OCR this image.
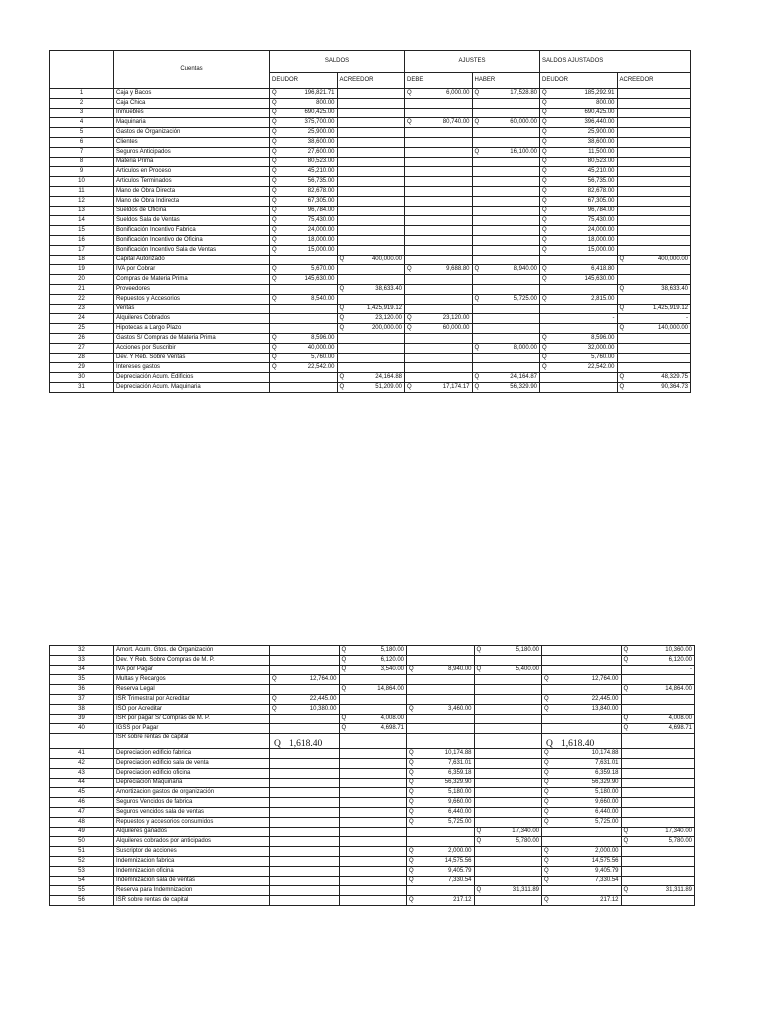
	Cuentas	SALDOS				AJUSTES				SALDOS AJUSTADOS			
		DEUDOR		ACREEDOR		DEBE		HABER		DEUDOR		ACREEDOR	
1	Caja y Bacos	Q	196,821.71			Q	6,000.00	Q	17,528.80	Q	185,292.91		
2	Caja Chica	Q	800.00							Q	800.00		
3	Inmuebles	Q	690,425.00							Q	690,425.00		
4	Maquinaria	Q	375,700.00			Q	80,740.00	Q	60,000.00	Q	396,440.00		
5	Gastos de Organización	Q	25,900.00							Q	25,900.00		
6	Clientes	Q	38,600.00							Q	38,600.00		
7	Seguros Anticipados	Q	27,600.00					Q	16,100.00	Q	11,500.00		
8	Materia Prima	Q	80,523.00							Q	80,523.00		
9	Articulos en Proceso	Q	45,210.00							Q	45,210.00		
10	Articulos Terminados	Q	56,735.00							Q	56,735.00		
11	Mano de Obra Directa	Q	82,678.00							Q	82,678.00		
12	Mano de Obra Indirecta	Q	67,305.00							Q	67,305.00		
13	Sueldos de Oficina	Q	96,784.00							Q	96,784.00		
14	Sueldos Sala de Ventas	Q	75,430.00							Q	75,430.00		
15	Bonificación Incentivo Fabrica	Q	24,000.00							Q	24,000.00		
16	Bonificación Incentivo de Oficina	Q	18,000.00							Q	18,000.00		
17	Bonificación Incentivo Sala de Ventas	Q	15,000.00							Q	15,000.00		
18	Capital Autorizado			Q	400,000.00							Q	400,000.00
19	IVA por Cobrar	Q	5,670.00			Q	9,688.80	Q	8,940.00	Q	6,418.80		
20	Compras de Materia Prima	Q	145,630.00							Q	145,630.00		
21	Proveedores			Q	38,633.40							Q	38,633.40
22	Repuestos y Accesorios	Q	8,540.00					Q	5,725.00	Q	2,815.00		
23	Ventas			Q	1,425,919.12							Q	1,425,919.12
24	Alquileres Cobrados			Q	23,120.00	Q	23,120.00				-		-
25	Hipotecas a Largo Plazo			Q	200,000.00	Q	60,000.00					Q	140,000.00
26	Gastos S/ Compras de Materia Prima	Q	8,596.00							Q	8,596.00		
27	Acciones por Suscribir	Q	40,000.00					Q	8,000.00	Q	32,000.00		
28	Dev. Y Reb. Sobre Ventas	Q	5,760.00							Q	5,760.00		
29	Intereses gastos	Q	22,542.00							Q	22,542.00		
30	Depreciación Acum. Edificios			Q	24,164.88			Q	24,164.87			Q	48,329.75
31	Depreciación Acum. Maquinaria			Q	51,209.00	Q	17,174.17	Q	56,329.90			Q	90,364.73
32	Amort. Acum. Gtos. de Organización			Q	5,180.00			Q	5,180.00			Q	10,360.00
33	Dev. Y Reb. Sobre Compras de M. P.			Q	6,120.00							Q	6,120.00
34	IVA por Pagar			Q	3,540.00	Q	8,940.00	Q	5,400.00				-
35	Multas y Recargos	Q	12,764.00							Q	12,764.00		
36	Reserva Legal			Q	14,864.00							Q	14,864.00
37	ISR Trimestral por Acreditar	Q	22,445.00							Q	22,445.00		
38	ISO por Acreditar	Q	10,380.00			Q	3,460.00			Q	13,840.00		
39	ISR por pagar S/ Compras de M. P.			Q	4,008.00							Q	4,008.00
40	IGSS por Pagar			Q	4,698.71							Q	4,698.71
	ISR sobre rentas de capital	Q	1,618.40							Q	1,618.40		
41	Depreciacion edificio fabrica					Q	10,174.88			Q	10,174.88		
42	Depreciacion edificio sala de venta					Q	7,631.01			Q	7,631.01		
43	Depreciacion edificio oficina					Q	6,359.18			Q	6,359.18		
44	Depreciacion Maquinaria					Q	56,329.90			Q	56,329.90		
45	Amortizacion gastos de organización					Q	5,180.00			Q	5,180.00		
46	Seguros Vencidos de fabrica					Q	9,660.00			Q	9,660.00		
47	Seguros vencidos sala de ventas					Q	6,440.00			Q	6,440.00		
48	Repuestos y accesorios consumidos					Q	5,725.00			Q	5,725.00		
49	Alquileres ganados							Q	17,340.00			Q	17,340.00
50	Alquileres cobrados por anticipados							Q	5,780.00			Q	5,780.00
51	Suscriptor de acciones					Q	2,000.00			Q	2,000.00		
52	Indemnizacion fabrica					Q	14,575.56			Q	14,575.56		
53	Indemnizacion oficina					Q	9,405.79			Q	9,405.79		
54	Indemnizacion sala de ventas					Q	7,330.54			Q	7,330.54		
55	Reserva para Indemnizacion							Q	31,311.89			Q	31,311.89
56	ISR sobre rentas de capital					Q	217.12			Q	217.12		
